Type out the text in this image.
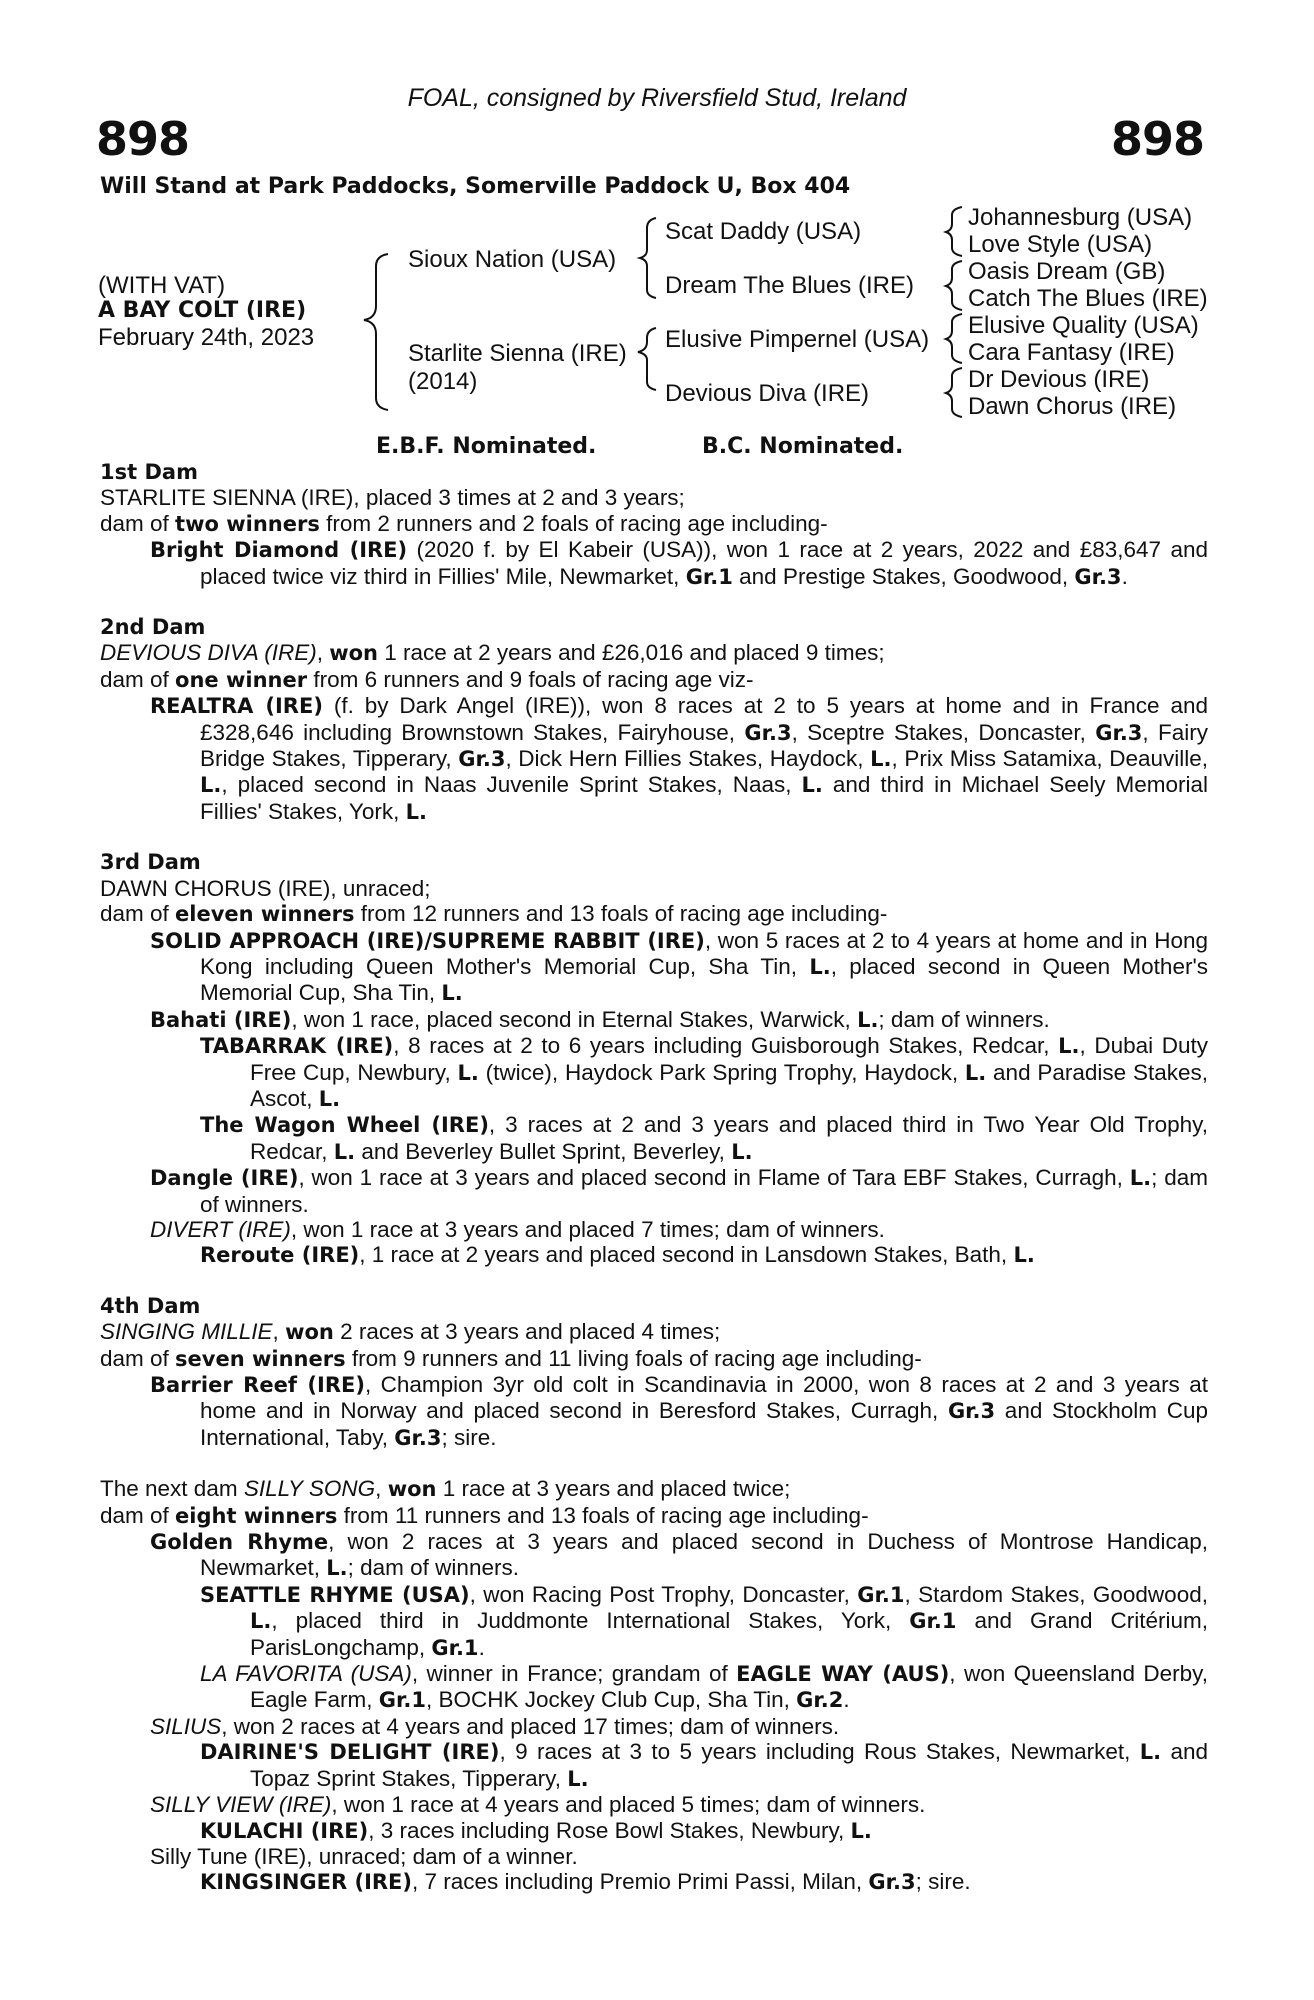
FOAL, consigned by Riversfield Stud, Ireland
898	898
Will Stand at Park Paddocks, Somerville Paddock U, Box 404
(WITH VAT)
A BAY COLT (IRE)
February 24th, 2023
Sioux Nation (USA)
Starlite Sienna (IRE)
(2014)
Scat Daddy (USA)
Dream The Blues (IRE)
Elusive Pimpernel (USA)
Devious Diva (IRE)
Johannesburg (USA)
Love Style (USA)
Oasis Dream (GB)
Catch The Blues (IRE)
Elusive Quality (USA)
Cara Fantasy (IRE)
Dr Devious (IRE)
Dawn Chorus (IRE)
E.B.F. Nominated.	B.C. Nominated.
1st Dam
STARLITE SIENNA (IRE), placed 3 times at 2 and 3 years;
dam of two winners from 2 runners and 2 foals of racing age including-
Bright Diamond (IRE) (2020 f. by El Kabeir (USA)), won 1 race at 2 years, 2022 and £83,647 and placed twice viz third in Fillies' Mile, Newmarket, Gr.1 and Prestige Stakes, Goodwood, Gr.3.
2nd Dam
DEVIOUS DIVA (IRE), won 1 race at 2 years and £26,016 and placed 9 times;
dam of one winner from 6 runners and 9 foals of racing age viz-
REALTRA (IRE) (f. by Dark Angel (IRE)), won 8 races at 2 to 5 years at home and in France and £328,646 including Brownstown Stakes, Fairyhouse, Gr.3, Sceptre Stakes, Doncaster, Gr.3, Fairy Bridge Stakes, Tipperary, Gr.3, Dick Hern Fillies Stakes, Haydock, L., Prix Miss Satamixa, Deauville, L., placed second in Naas Juvenile Sprint Stakes, Naas, L. and third in Michael Seely Memorial Fillies' Stakes, York, L.
3rd Dam
DAWN CHORUS (IRE), unraced;
dam of eleven winners from 12 runners and 13 foals of racing age including-
SOLID APPROACH (IRE)/SUPREME RABBIT (IRE), won 5 races at 2 to 4 years at home and in Hong Kong including Queen Mother's Memorial Cup, Sha Tin, L., placed second in Queen Mother's Memorial Cup, Sha Tin, L.
Bahati (IRE), won 1 race, placed second in Eternal Stakes, Warwick, L.; dam of winners.
TABARRAK (IRE), 8 races at 2 to 6 years including Guisborough Stakes, Redcar, L., Dubai Duty Free Cup, Newbury, L. (twice), Haydock Park Spring Trophy, Haydock, L. and Paradise Stakes, Ascot, L.
The Wagon Wheel (IRE), 3 races at 2 and 3 years and placed third in Two Year Old Trophy, Redcar, L. and Beverley Bullet Sprint, Beverley, L.
Dangle (IRE), won 1 race at 3 years and placed second in Flame of Tara EBF Stakes, Curragh, L.; dam of winners.
DIVERT (IRE), won 1 race at 3 years and placed 7 times; dam of winners.
Reroute (IRE), 1 race at 2 years and placed second in Lansdown Stakes, Bath, L.
4th Dam
SINGING MILLIE, won 2 races at 3 years and placed 4 times;
dam of seven winners from 9 runners and 11 living foals of racing age including-
Barrier Reef (IRE), Champion 3yr old colt in Scandinavia in 2000, won 8 races at 2 and 3 years at home and in Norway and placed second in Beresford Stakes, Curragh, Gr.3 and Stockholm Cup International, Taby, Gr.3; sire.
The next dam SILLY SONG, won 1 race at 3 years and placed twice;
dam of eight winners from 11 runners and 13 foals of racing age including-
Golden Rhyme, won 2 races at 3 years and placed second in Duchess of Montrose Handicap, Newmarket, L.; dam of winners.
SEATTLE RHYME (USA), won Racing Post Trophy, Doncaster, Gr.1, Stardom Stakes, Goodwood, L., placed third in Juddmonte International Stakes, York, Gr.1 and Grand Critérium, ParisLongchamp, Gr.1.
LA FAVORITA (USA), winner in France; grandam of EAGLE WAY (AUS), won Queensland Derby, Eagle Farm, Gr.1, BOCHK Jockey Club Cup, Sha Tin, Gr.2.
SILIUS, won 2 races at 4 years and placed 17 times; dam of winners.
DAIRINE'S DELIGHT (IRE), 9 races at 3 to 5 years including Rous Stakes, Newmarket, L. and Topaz Sprint Stakes, Tipperary, L.
SILLY VIEW (IRE), won 1 race at 4 years and placed 5 times; dam of winners.
KULACHI (IRE), 3 races including Rose Bowl Stakes, Newbury, L.
Silly Tune (IRE), unraced; dam of a winner.
KINGSINGER (IRE), 7 races including Premio Primi Passi, Milan, Gr.3; sire.
